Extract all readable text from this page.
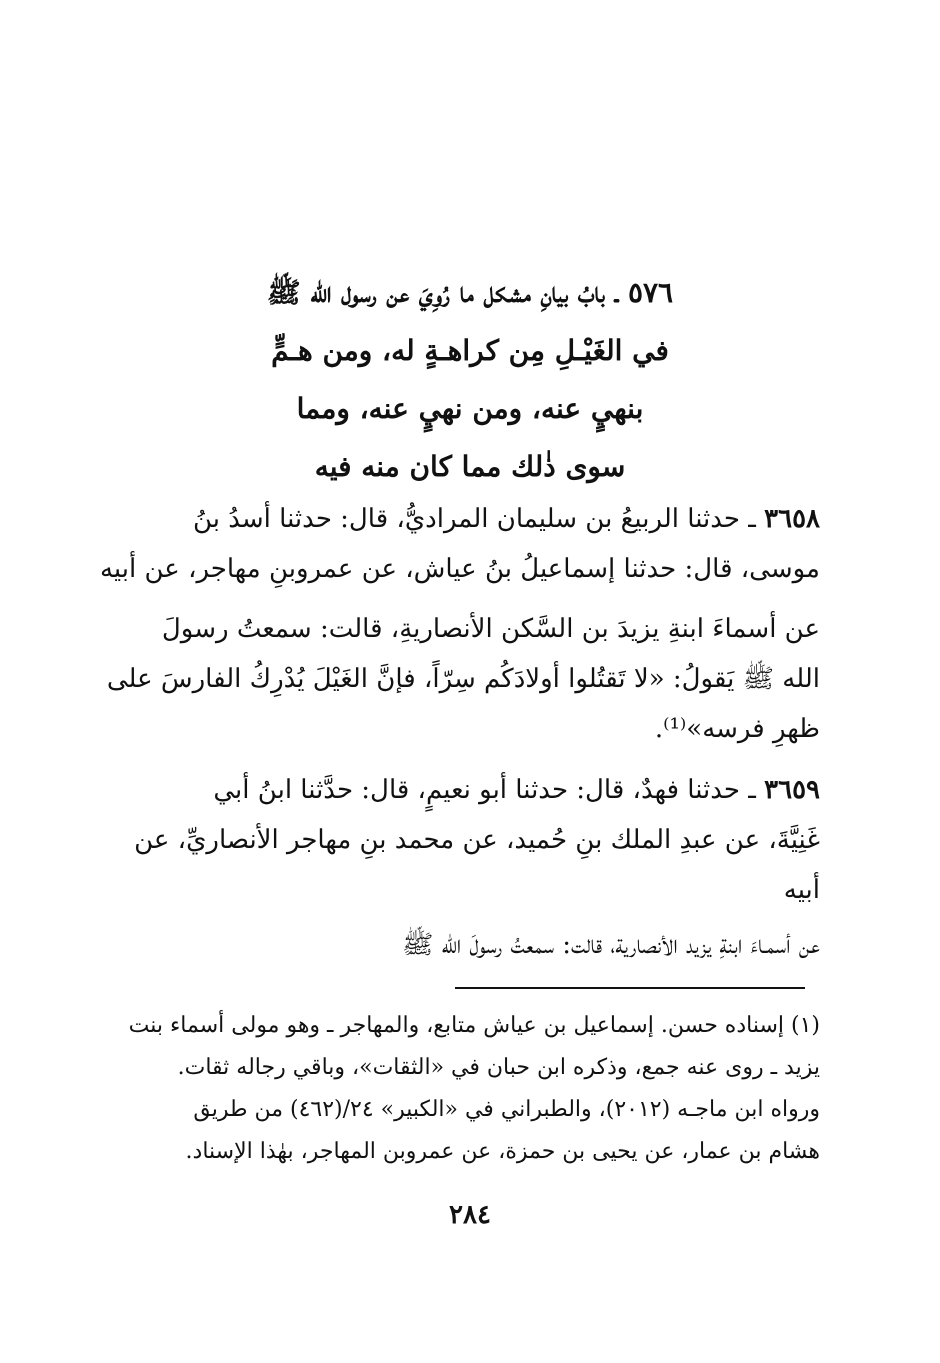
٥٧٦ ـ بابُ بيانِ مشكل ما رُوِيَ عن رسول الله ﷺ
في الغَيْـلِ مِن كراهـةٍ له، ومن هـمٍّ
بنهيٍ عنه، ومن نهيٍ عنه، ومما
سوى ذٰلك مما كان منه فيه
٣٦٥٨ ـ حدثنا الربيعُ بن سليمان المراديُّ، قال: حدثنا أسدُ بنُ
موسى، قال: حدثنا إسماعيلُ بنُ عياش، عن عمروبنِ مهاجر، عن أبيه
عن أسماءَ ابنةِ يزيدَ بن السَّكن الأنصاريةِ، قالت: سمعتُ رسولَ
الله ﷺ يَقولُ: «لا تَقتُلوا أولادَكُم سِرّاً، فإنَّ الغَيْلَ يُدْرِكُ الفارسَ على
ظهرِ فرسه»⁽¹⁾.
٣٦٥٩ ـ حدثنا فهدٌ، قال: حدثنا أبو نعيمٍ، قال: حدَّثنا ابنُ أبي
غَنِيَّةَ، عن عبدِ الملك بنِ حُميد، عن محمد بنِ مهاجر الأنصاريِّ، عن
أبيه
عن أسمـاءَ ابنةِ يزيد الأنصارية، قالت: سمعتُ رسولَ الله ﷺ
(١) إسناده حسن. إسماعيل بن عياش متابع، والمهاجر ـ وهو مولى أسماء بنت
يزيد ـ روى عنه جمع، وذكره ابن حبان في «الثقات»، وباقي رجاله ثقات.
ورواه ابن ماجـه (٢٠١٢)، والطبراني في «الكبير» ٢٤/(٤٦٢) من طريق
هشام بن عمار، عن يحيى بن حمزة، عن عمروبن المهاجر، بهٰذا الإسناد.
٢٨٤
